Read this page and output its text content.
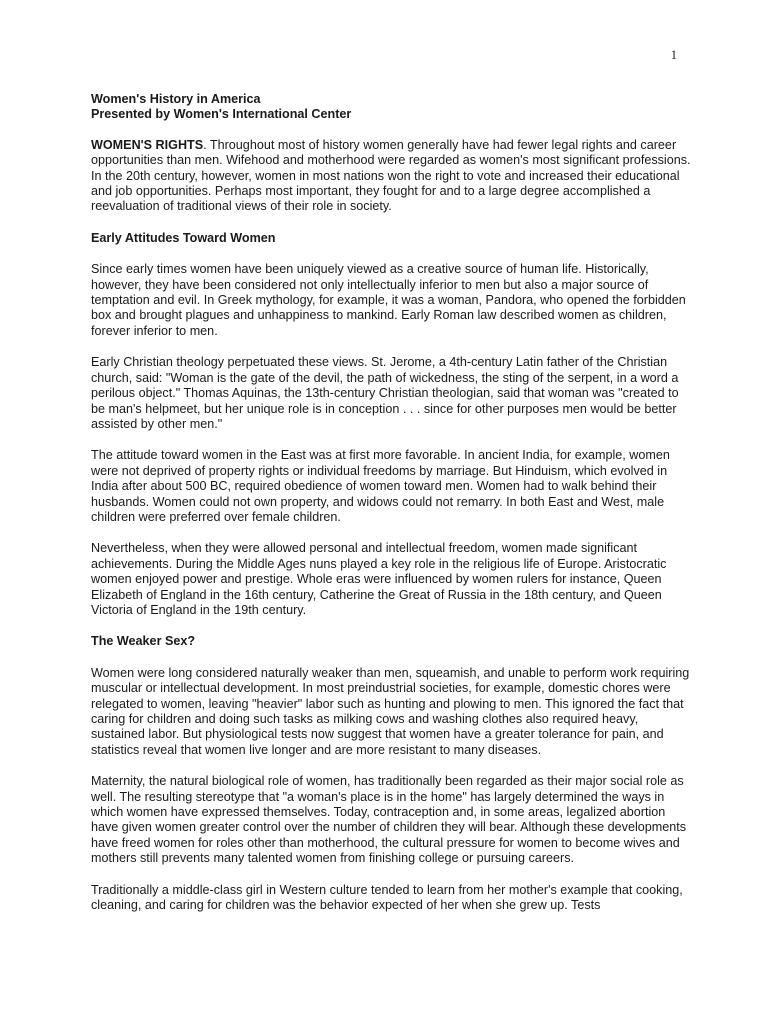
1

Women's History in America

Presented by Women's International Center

WOMEN'S RIGHTS. Throughout most of history women generally have had fewer legal rights and career opportunities than men. Wifehood and motherhood were regarded as women's most significant professions. In the 20th century, however, women in most nations won the right to vote and increased their educational and job opportunities. Perhaps most important, they fought for and to a large degree accomplished a reevaluation of traditional views of their role in society.

Early Attitudes Toward Women

Since early times women have been uniquely viewed as a creative source of human life. Historically, however, they have been considered not only intellectually inferior to men but also a major source of temptation and evil. In Greek mythology, for example, it was a woman, Pandora, who opened the forbidden box and brought plagues and unhappiness to mankind. Early Roman law described women as children, forever inferior to men.

Early Christian theology perpetuated these views. St. Jerome, a 4th-century Latin father of the Christian church, said: "Woman is the gate of the devil, the path of wickedness, the sting of the serpent, in a word a perilous object." Thomas Aquinas, the 13th-century Christian theologian, said that woman was "created to be man's helpmeet, but her unique role is in conception . . . since for other purposes men would be better assisted by other men."

The attitude toward women in the East was at first more favorable. In ancient India, for example, women were not deprived of property rights or individual freedoms by marriage. But Hinduism, which evolved in India after about 500 BC, required obedience of women toward men. Women had to walk behind their husbands. Women could not own property, and widows could not remarry. In both East and West, male children were preferred over female children.

Nevertheless, when they were allowed personal and intellectual freedom, women made significant achievements. During the Middle Ages nuns played a key role in the religious life of Europe. Aristocratic women enjoyed power and prestige. Whole eras were influenced by women rulers for instance, Queen Elizabeth of England in the 16th century, Catherine the Great of Russia in the 18th century, and Queen Victoria of England in the 19th century.

The Weaker Sex?

Women were long considered naturally weaker than men, squeamish, and unable to perform work requiring muscular or intellectual development. In most preindustrial societies, for example, domestic chores were relegated to women, leaving "heavier" labor such as hunting and plowing to men. This ignored the fact that caring for children and doing such tasks as milking cows and washing clothes also required heavy, sustained labor. But physiological tests now suggest that women have a greater tolerance for pain, and statistics reveal that women live longer and are more resistant to many diseases.

Maternity, the natural biological role of women, has traditionally been regarded as their major social role as well. The resulting stereotype that "a woman's place is in the home" has largely determined the ways in which women have expressed themselves. Today, contraception and, in some areas, legalized abortion have given women greater control over the number of children they will bear. Although these developments have freed women for roles other than motherhood, the cultural pressure for women to become wives and mothers still prevents many talented women from finishing college or pursuing careers.

Traditionally a middle-class girl in Western culture tended to learn from her mother's example that cooking, cleaning, and caring for children was the behavior expected of her when she grew up. Tests
